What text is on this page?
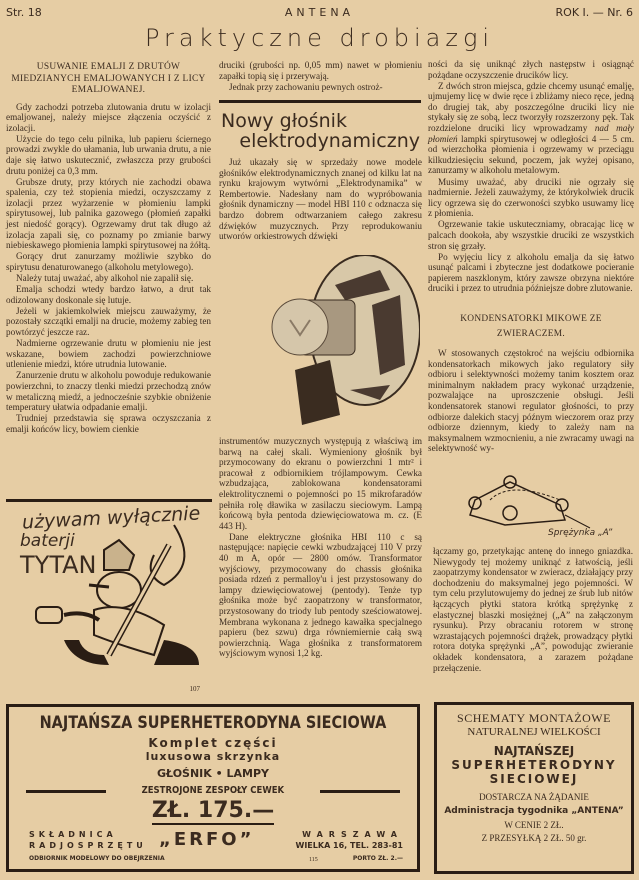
Str. 18	ANTENA	ROK I. — Nr. 6
Praktyczne drobiazgi

USUWANIE EMALJI Z DRUTÓW MIEDZIANYCH EMALJOWANYCH I Z LICY EMALJOWANEJ.

Gdy zachodzi potrzeba zlutowania drutu w izolacji emaljowanej, należy miejsce złączenia oczyścić z izolacji.

Użycie do tego celu pilnika, lub papieru ściernego prowadzi zwykle do ułamania, lub urwania drutu, a nie daje się łatwo uskutecznić, zwłaszcza przy grubości drutu poniżej ca 0,3 mm.

Grubsze druty, przy których nie zachodzi obawa spalenia, czy też stopienia miedzi, oczyszczamy z izolacji przez wyżarzenie w płomieniu lampki spirytusowej, lub palnika gazowego (płomień zapałki jest niedość gorący). Ogrzewamy drut tak długo aż izolacja zapali się, co poznamy po zmianie barwy niebieskawego płomienia lampki spirytusowej na żółtą.

Gorący drut zanurzamy możliwie szybko do spirytusu denaturowanego (alkoholu metylowego).

Należy tutaj uważać, aby alkohol nie zapalił się.

Emalja schodzi wtedy bardzo łatwo, a drut tak odizolowany doskonale się lutuje.

Jeżeli w jakiemkolwiek miejscu zauważymy, że pozostały szczątki emalji na drucie, możemy zabieg ten powtórzyć jeszcze raz.

Nadmierne ogrzewanie drutu w płomieniu nie jest wskazane, bowiem zachodzi powierzchniowe utlenienie miedzi, które utrudnia lutowanie.

Zanurzenie drutu w alkoholu powoduje redukowanie powierzchni, to znaczy tlenki miedzi przechodzą znów w metaliczną miedź, a jednocześnie szybkie obniżenie temperatury ułatwia odpadanie emalji.

Trudniej przedstawia się sprawa oczyszczania z emalji końców licy, bowiem cienkie

używam wyłącznie
baterji
TYTAN
107

druciki (grubości np. 0,05 mm) nawet w płomieniu zapałki topią się i przerywają.

Jednak przy zachowaniu pewnych ostroż-

Nowy głośnik
elektrodynamiczny

Już ukazały się w sprzedaży nowe modele głośników elektrodynamicznych znanej od kilku lat na rynku krajowym wytwórni „Elektrodynamika” w Rembertowie. Nadesłany nam do wypróbowania głośnik dynamiczny — model HBI 110 c odznacza się bardzo dobrem odtwarzaniem całego zakresu dźwięków muzycznych. Przy reprodukowaniu utworów orkiestrowych dźwięki

instrumentów muzycznych występują z właściwą im barwą na całej skali. Wymieniony głośnik był przymocowany do ekranu o powierzchni 1 mtr² i pracował z odbiornikiem trójlampowym. Cewka wzbudzająca, zablokowana kondensatorami elektrolitycznemi o pojemności po 15 mikrofaradów pełniła rolę dławika w zasilaczu sieciowym. Lampą końcową była pentoda dziewięciowatowa m. cz. (E 443 H).

Dane elektryczne głośnika HBI 110 c są następujące: napięcie cewki wzbudzającej 110 V przy 40 m A, opór — 2800 omów. Transformator wyjściowy, przymocowany do chassis głośnika posiada rdzeń z permalloy'u i jest przystosowany do lampy dziewięciowatowej (pentody). Tenże typ głośnika może być zaopatrzony w transformator, przystosowany do triody lub pentody sześciowatowej. Membrana wykonana z jednego kawałka specjalnego papieru (bez szwu) drga równiemiernie całą swą powierzchnią. Waga głośnika z transformatorem wyjściowym wynosi 1,2 kg.

ności da się uniknąć złych następstw i osiągnąć pożądane oczyszczenie drucików licy.

Z dwóch stron miejsca, gdzie chcemy usunąć emalję, ujmujemy licę w dwie ręce i zbliżamy nieco ręce, jedną do drugiej tak, aby poszczególne druciki licy nie stykały się ze sobą, lecz tworzyły rozszerzony pęk. Tak rozdzielone druciki licy wprowadzamy nad mały płomień lampki spirytusowej w odległości 4 — 5 cm. od wierzchołka płomienia i ogrzewamy w przeciągu kilkudziesięciu sekund, poczem, jak wyżej opisano, zanurzamy w alkoholu metalowym.

Musimy uważać, aby druciki nie ogrzały się nadmiernie. Jeżeli zauważymy, że którykolwiek drucik licy ogrzewa się do czerwoności szybko usuwamy licę z płomienia.

Ogrzewanie takie uskuteczniamy, obracając licę w palcach dookoła, aby wszystkie druciki ze wszystkich stron się grzały.

Po wyjęciu licy z alkoholu emalja da się łatwo usunąć palcami i zbyteczne jest dodatkowe pocieranie papierem naszklonym, który zawsze obrzyna niektóre druciki i przez to utrudnia późniejsze dobre zlutowanie.

KONDENSATORKI MIKOWE ZE ZWIERACZEM.

W stosowanych częstokroć na wejściu odbiornika kondensatorkach mikowych jako regulatory siły odbioru i selektywności możemy tanim kosztem oraz minimalnym nakładem pracy wykonać urządzenie, pozwalające na uproszczenie obsługi. Jeśli kondensatorek stanowi regulator głośności, to przy odbiorze dalekich stacyj późnym wieczorem oraz przy odbiorze dziennym, kiedy to zależy nam na maksymalnem wzmocnieniu, a nie zwracamy uwagi na selektywność wy-

Sprężynka „A”

łączamy go, przetykając antenę do innego gniazdka. Niewygody tej możemy uniknąć z łatwością, jeśli zaopatrzymy kondensator w zwieracz, działający przy dochodzeniu do maksymalnej jego pojemności. W tym celu przylutowujemy do jednej ze śrub lub nitów łączących płytki statora krótką sprężynkę z elastycznej blaszki mosiężnej („A” na załączonym rysunku). Przy obracaniu rotorem w stronę wzrastających pojemności drążek, prowadzący płytki rotora dotyka sprężynki „A”, powodując zwieranie okładek kondensatora, a zarazem pożądane przełączenie.

NAJTAŃSZA SUPERHETERODYNA SIECIOWA
Komplet części
luxusowa skrzynka
GŁOŚNIK • LAMPY
ZESTROJONE ZESPOŁY CEWEK
ZŁ. 175.—
SKŁADNICA
RADJOSPRZĘTU „ERFO”	WARSZAWA
WIELKA 16, TEL. 283-81
ODBIORNIK MODELOWY DO OBEJRZENIA	115	PORTO ZŁ. 2.—
SCHEMATY MONTAŻOWE
NATURALNEJ WIELKOŚCI
NAJTAŃSZEJ
SUPERHETERODYNY
SIECIOWEJ
DOSTARCZA NA ŻĄDANIE
Administracja tygodnika „ANTENA”
W CENIE 2 ZŁ.
Z PRZESYŁKĄ 2 ZŁ. 50 gr.
